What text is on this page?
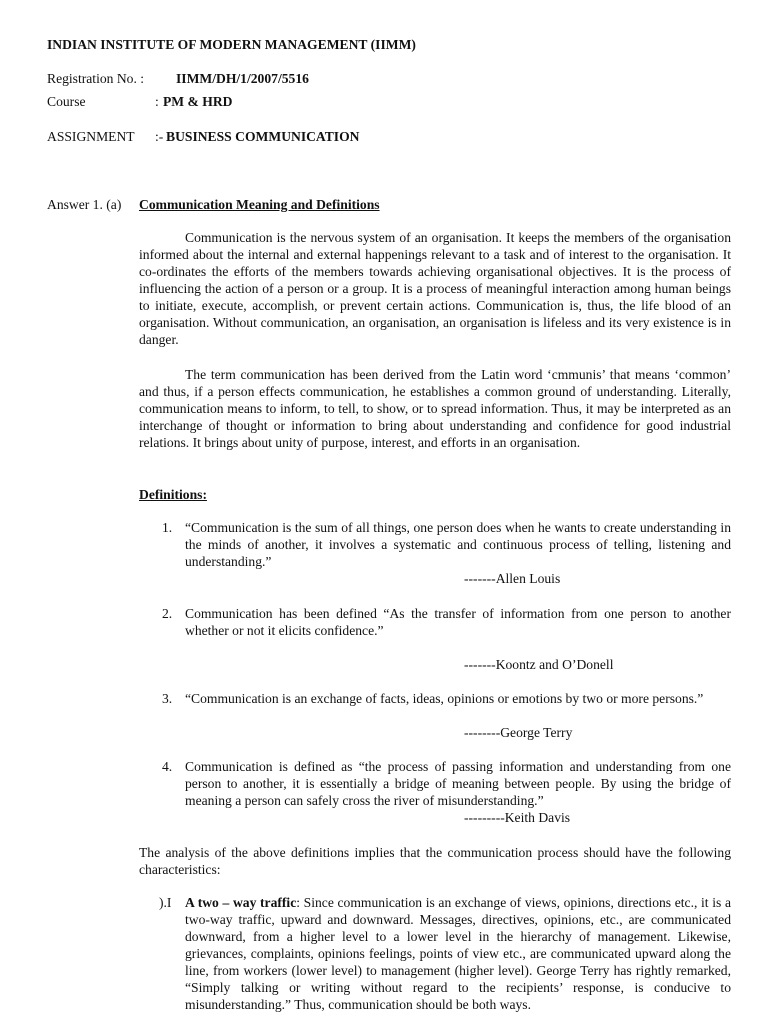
INDIAN INSTITUTE OF MODERN MANAGEMENT (IIMM)
Registration No. : IIMM/DH/1/2007/5516
Course	: PM & HRD
ASSIGNMENT :- BUSINESS COMMUNICATION
Answer 1. (a) Communication Meaning and Definitions

Communication is the nervous system of an organisation. It keeps the members of the organisation informed about the internal and external happenings relevant to a task and of interest to the organisation. It co-ordinates the efforts of the members towards achieving organisational objectives. It is the process of influencing the action of a person or a group. It is a process of meaningful interaction among human beings to initiate, execute, accomplish, or prevent certain actions. Communication is, thus, the life blood of an organisation. Without communication, an organisation, an organisation is lifeless and its very existence is in danger.

The term communication has been derived from the Latin word ‘cmmunis’ that means ‘common’ and thus, if a person effects communication, he establishes a common ground of understanding. Literally, communication means to inform, to tell, to show, or to spread information. Thus, it may be interpreted as an interchange of thought or information to bring about understanding and confidence for good industrial relations. It brings about unity of purpose, interest, and efforts in an organisation.

Definitions:
1. “Communication is the sum of all things, one person does when he wants to create understanding in the minds of another, it involves a systematic and continuous process of telling, listening and understanding.”

-------Allen Louis
2. Communication has been defined “As the transfer of information from one person to another whether or not it elicits confidence.”

-------Koontz and O’Donell
3. “Communication is an exchange of facts, ideas, opinions or emotions by two or more persons.”

--------George Terry
4. Communication is defined as “the process of passing information and understanding from one person to another, it is essentially a bridge of meaning between people. By using the bridge of meaning a person can safely cross the river of misunderstanding.”

---------Keith Davis

The analysis of the above definitions implies that the communication process should have the following characteristics:

).I A two – way traffic: Since communication is an exchange of views, opinions, directions etc., it is a two-way traffic, upward and downward. Messages, directives, opinions, etc., are communicated downward, from a higher level to a lower level in the hierarchy of management. Likewise, grievances, complaints, opinions feelings, points of view etc., are communicated upward along the line, from workers (lower level) to management (higher level). George Terry has rightly remarked, “Simply talking or writing without regard to the recipients’ response, is conducive to misunderstanding.” Thus, communication should be both ways.
